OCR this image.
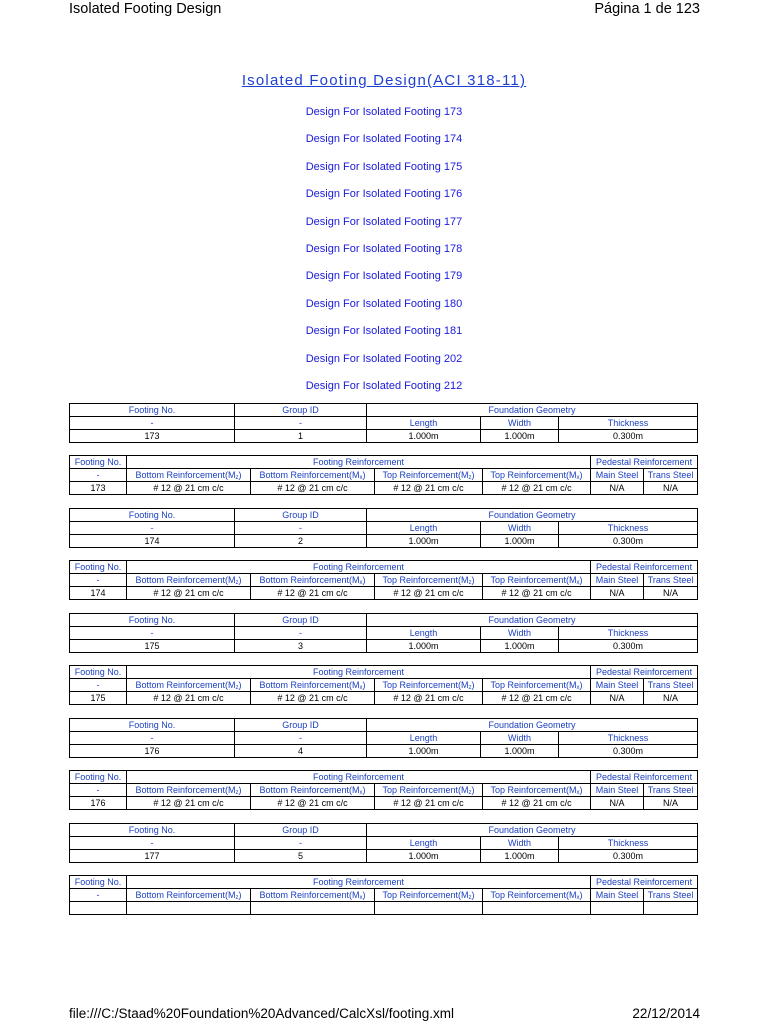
Isolated Footing Design	Página 1 de 123
Isolated Footing Design(ACI 318-11)
Design For Isolated Footing 173
Design For Isolated Footing 174
Design For Isolated Footing 175
Design For Isolated Footing 176
Design For Isolated Footing 177
Design For Isolated Footing 178
Design For Isolated Footing 179
Design For Isolated Footing 180
Design For Isolated Footing 181
Design For Isolated Footing 202
Design For Isolated Footing 212
Footing No.	Group ID	Foundation Geometry		
-	-	Length	Width	Thickness
173	1	1.000m	1.000m	0.300m
Footing No.	Footing Reinforcement				Pedestal Reinforcement	
-	Bottom $Reinforcement(M_z)$	Bottom $Reinforcement(M_x)$	Top $Reinforcement(M_z)$	Top $Reinforcement(M_x)$	Main Steel	Trans Steel
173	# 12 @ 21 cm c/c	# 12 @ 21 cm c/c	# 12 @ 21 cm c/c	# 12 @ 21 cm c/c	N/A	N/A
Footing No.	Group ID	Foundation Geometry		
-	-	Length	Width	Thickness
174	2	1.000m	1.000m	0.300m
Footing No.	Footing Reinforcement				Pedestal Reinforcement	
-	Bottom $Reinforcement(M_z)$	Bottom $Reinforcement(M_x)$	Top $Reinforcement(M_z)$	Top $Reinforcement(M_x)$	Main Steel	Trans Steel
174	# 12 @ 21 cm c/c	# 12 @ 21 cm c/c	# 12 @ 21 cm c/c	# 12 @ 21 cm c/c	N/A	N/A
Footing No.	Group ID	Foundation Geometry		
-	-	Length	Width	Thickness
175	3	1.000m	1.000m	0.300m
Footing No.	Footing Reinforcement				Pedestal Reinforcement	
-	Bottom $Reinforcement(M_z)$	Bottom $Reinforcement(M_x)$	Top $Reinforcement(M_z)$	Top $Reinforcement(M_x)$	Main Steel	Trans Steel
175	# 12 @ 21 cm c/c	# 12 @ 21 cm c/c	# 12 @ 21 cm c/c	# 12 @ 21 cm c/c	N/A	N/A
Footing No.	Group ID	Foundation Geometry		
-	-	Length	Width	Thickness
176	4	1.000m	1.000m	0.300m
Footing No.	Footing Reinforcement				Pedestal Reinforcement	
-	Bottom $Reinforcement(M_z)$	Bottom $Reinforcement(M_x)$	Top $Reinforcement(M_z)$	Top $Reinforcement(M_x)$	Main Steel	Trans Steel
176	# 12 @ 21 cm c/c	# 12 @ 21 cm c/c	# 12 @ 21 cm c/c	# 12 @ 21 cm c/c	N/A	N/A
Footing No.	Group ID	Foundation Geometry		
-	-	Length	Width	Thickness
177	5	1.000m	1.000m	0.300m
Footing No.	Footing Reinforcement				Pedestal Reinforcement	
-	Bottom $Reinforcement(M_z)$	Bottom $Reinforcement(M_x)$	Top $Reinforcement(M_z)$	Top $Reinforcement(M_x)$	Main Steel	Trans Steel

file:///C:/Staad%20Foundation%20Advanced/CalcXsl/footing.xml	22/12/2014
